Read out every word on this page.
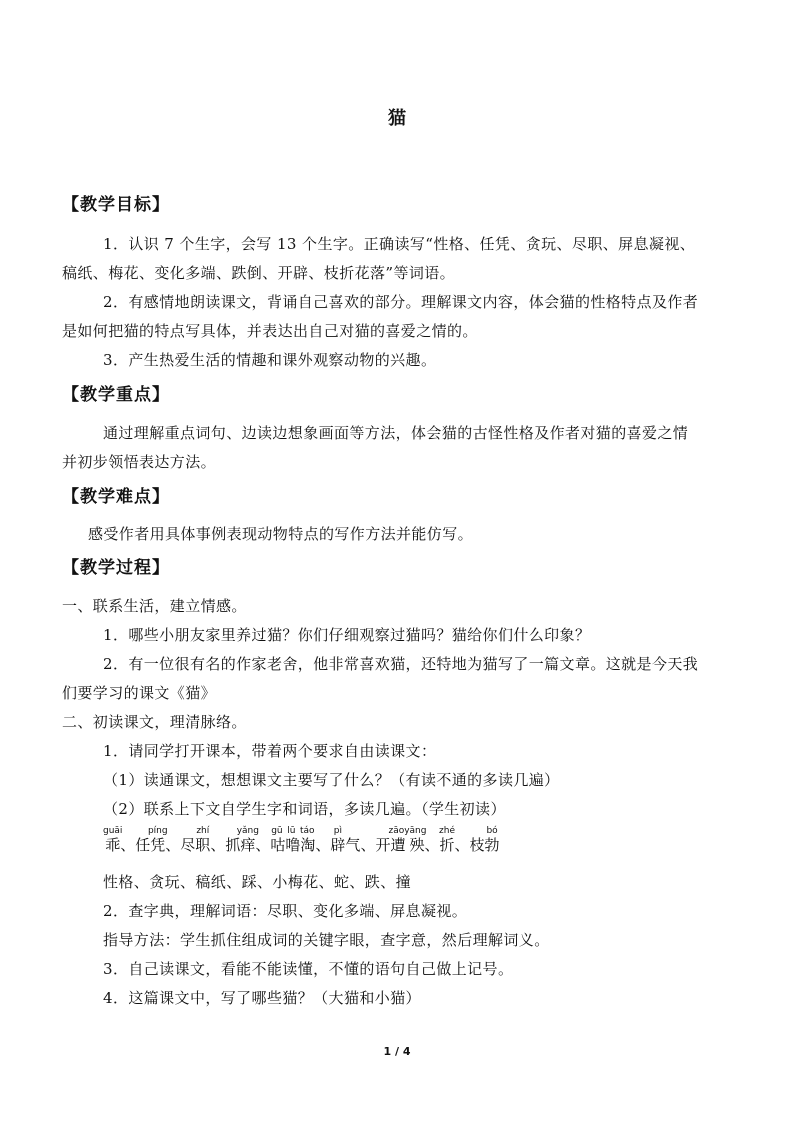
猫
【教学目标】
1．认识 7 个生字，会写 13 个生字。正确读写“性格、任凭、贪玩、尽职、屏息凝视、
稿纸、梅花、变化多端、跌倒、开辟、枝折花落”等词语。
2．有感情地朗读课文，背诵自己喜欢的部分。理解课文内容，体会猫的性格特点及作者
是如何把猫的特点写具体，并表达出自己对猫的喜爱之情的。
3．产生热爱生活的情趣和课外观察动物的兴趣。
【教学重点】
通过理解重点词句、边读边想象画面等方法，体会猫的古怪性格及作者对猫的喜爱之情
并初步领悟表达方法。
【教学难点】
感受作者用具体事例表现动物特点的写作方法并能仿写。
【教学过程】
一、联系生活，建立情感。
1．哪些小朋友家里养过猫？你们仔细观察过猫吗？猫给你们什么印象？
2．有一位很有名的作家老舍，他非常喜欢猫，还特地为猫写了一篇文章。这就是今天我
们要学习的课文《猫》
二、初读课文，理清脉络。
1．请同学打开课本，带着两个要求自由读课文：
（1）读通课文，想想课文主要写了什么？（有读不通的多读几遍）
（2）联系上下文自学生字和词语，多读几遍。（学生初读）
乖guāi、任凭píng、尽职zhí、抓痒yǎng、咕噜淘gū lū táo、辟pì气、开遭殃zāoyāng、折zhé、枝勃bó
性格、贪玩、稿纸、踩、小梅花、蛇、跌、撞
2．查字典，理解词语：尽职、变化多端、屏息凝视。
指导方法：学生抓住组成词的关键字眼，查字意，然后理解词义。
3．自己读课文，看能不能读懂，不懂的语句自己做上记号。
4．这篇课文中，写了哪些猫？（大猫和小猫）
1 / 4
